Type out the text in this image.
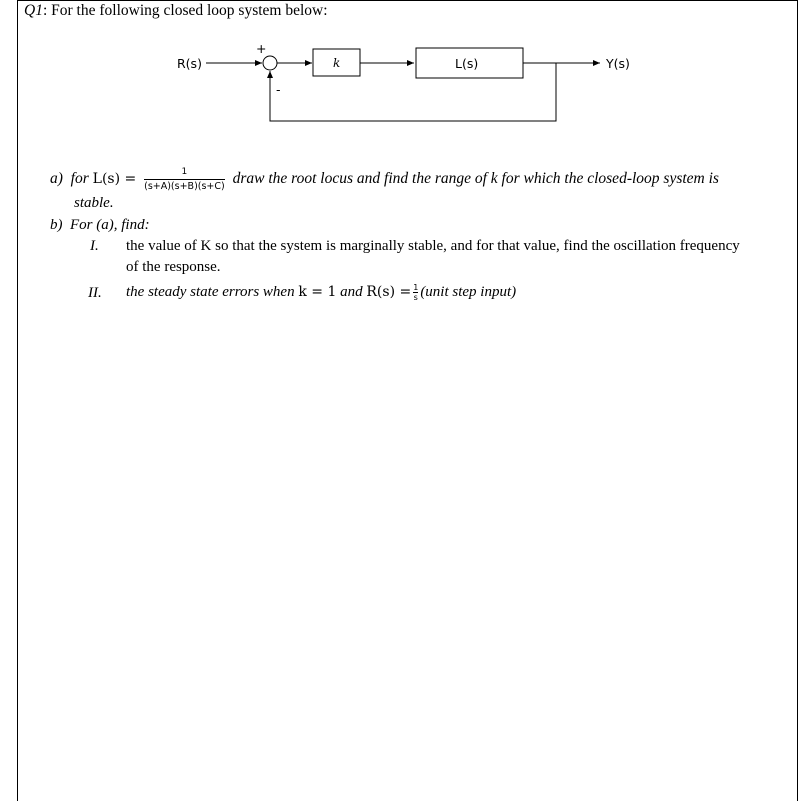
Q1: For the following closed loop system below:
R(s)
+
-
k	L(s)	Y(s)
a) for $L(s) = \frac{1}{(s+A)(s+B)(s+C)}$ draw the root locus and find the range of k for which the closed-loop system is
stable.
b) For (a), find:
I. the value of K so that the system is marginally stable, and for that value, find the oscillation frequency
of the response.
II. the steady state errors when k = 1 and $R(s) = \frac{1}{s}$ (unit step input)
